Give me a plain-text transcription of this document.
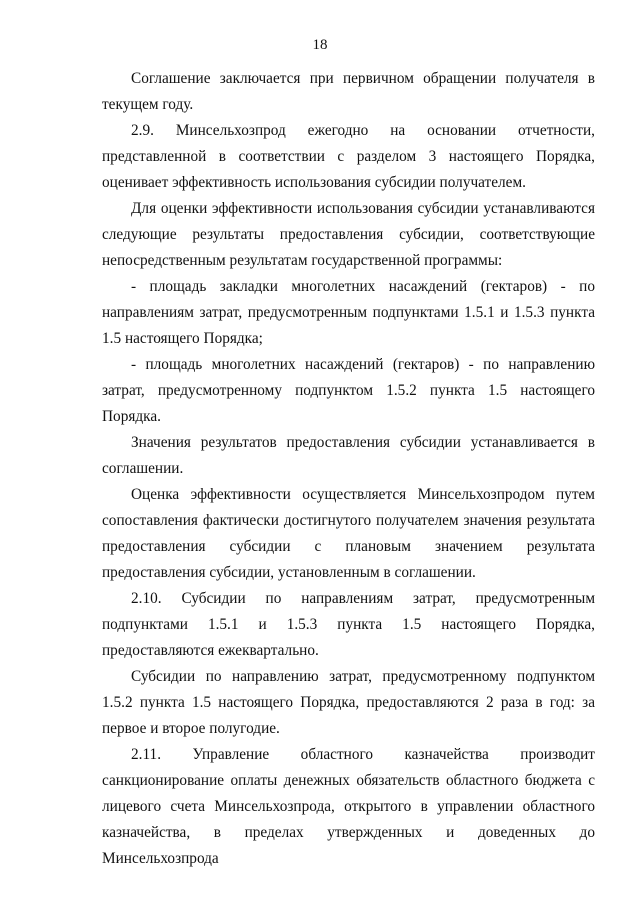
18

Соглашение заключается при первичном обращении получателя в текущем году.

2.9. Минсельхозпрод ежегодно на основании отчетности, представленной в соответствии с разделом 3 настоящего Порядка, оценивает эффективность использования субсидии получателем.

Для оценки эффективности использования субсидии устанавливаются следующие результаты предоставления субсидии, соответствующие непосредственным результатам государственной программы:

- площадь закладки многолетних насаждений (гектаров) - по направлениям затрат, предусмотренным подпунктами 1.5.1 и 1.5.3 пункта 1.5 настоящего Порядка;

- площадь многолетних насаждений (гектаров) - по направлению затрат, предусмотренному подпунктом 1.5.2 пункта 1.5 настоящего Порядка.

Значения результатов предоставления субсидии устанавливается в соглашении.

Оценка эффективности осуществляется Минсельхозпродом путем сопоставления фактически достигнутого получателем значения результата предоставления субсидии с плановым значением результата предоставления субсидии, установленным в соглашении.

2.10. Субсидии по направлениям затрат, предусмотренным подпунктами 1.5.1 и 1.5.3 пункта 1.5 настоящего Порядка, предоставляются ежеквартально.

Субсидии по направлению затрат, предусмотренному подпунктом 1.5.2 пункта 1.5 настоящего Порядка, предоставляются 2 раза в год: за первое и второе полугодие.

2.11. Управление областного казначейства производит санкционирование оплаты денежных обязательств областного бюджета с лицевого счета Минсельхозпрода, открытого в управлении областного казначейства, в пределах утвержденных и доведенных до Минсельхозпрода
